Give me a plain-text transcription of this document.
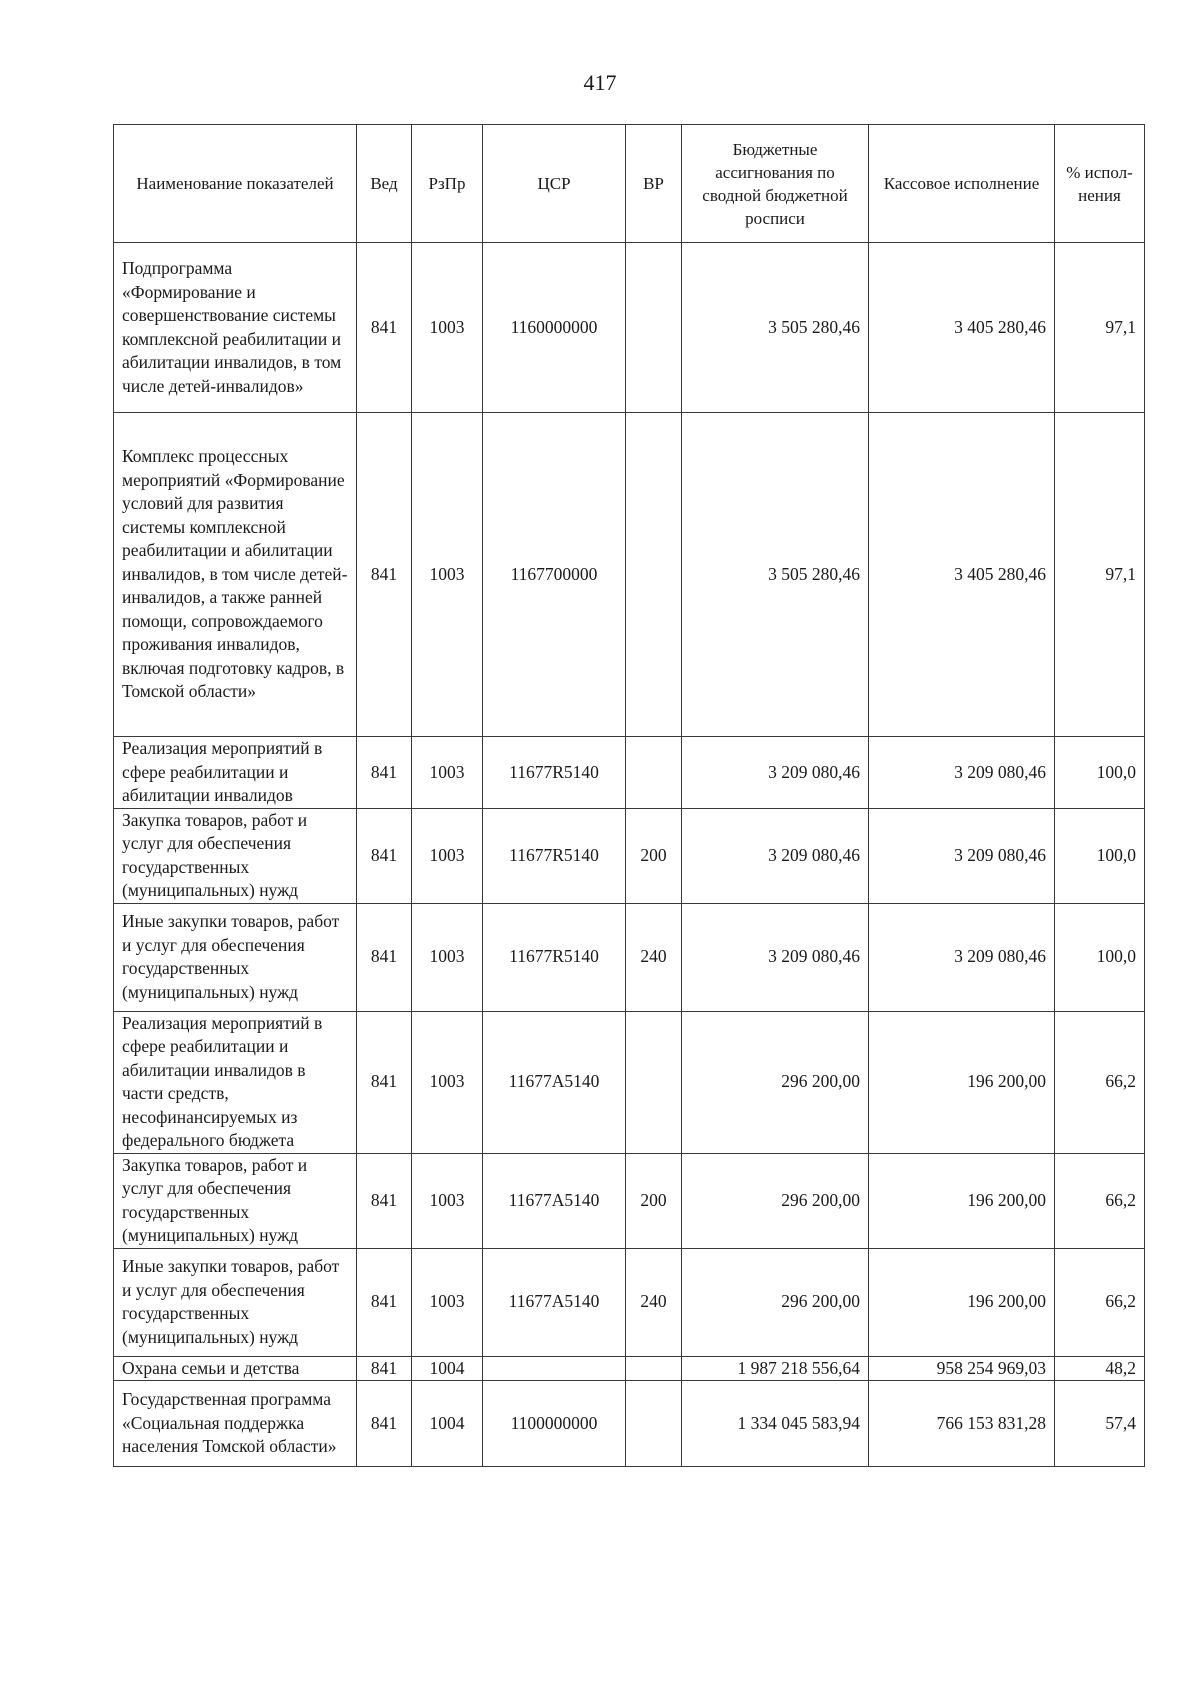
417
Наименование показателей	Вед	РзПр	ЦСР	ВР	Бюджетные ассигнования по сводной бюджетной росписи	Кассовое исполнение	% испол-нения
Подпрограмма «Формирование и совершенствование системы комплексной реабилитации и абилитации инвалидов, в том числе детей-инвалидов»	841	1003	1160000000		3 505 280,46	3 405 280,46	97,1
Комплекс процессных мероприятий «Формирование условий для развития системы комплексной реабилитации и абилитации инвалидов, в том числе детей-инвалидов, а также ранней помощи, сопровождаемого проживания инвалидов, включая подготовку кадров, в Томской области»	841	1003	1167700000		3 505 280,46	3 405 280,46	97,1
Реализация мероприятий в сфере реабилитации и абилитации инвалидов	841	1003	11677R5140		3 209 080,46	3 209 080,46	100,0
Закупка товаров, работ и услуг для обеспечения государственных (муниципальных) нужд	841	1003	11677R5140	200	3 209 080,46	3 209 080,46	100,0
Иные закупки товаров, работ и услуг для обеспечения государственных (муниципальных) нужд	841	1003	11677R5140	240	3 209 080,46	3 209 080,46	100,0
Реализация мероприятий в сфере реабилитации и абилитации инвалидов в части средств, несофинансируемых из федерального бюджета	841	1003	11677A5140		296 200,00	196 200,00	66,2
Закупка товаров, работ и услуг для обеспечения государственных (муниципальных) нужд	841	1003	11677A5140	200	296 200,00	196 200,00	66,2
Иные закупки товаров, работ и услуг для обеспечения государственных (муниципальных) нужд	841	1003	11677A5140	240	296 200,00	196 200,00	66,2
Охрана семьи и детства	841	1004			1 987 218 556,64	958 254 969,03	48,2
Государственная программа «Социальная поддержка населения Томской области»	841	1004	1100000000		1 334 045 583,94	766 153 831,28	57,4
